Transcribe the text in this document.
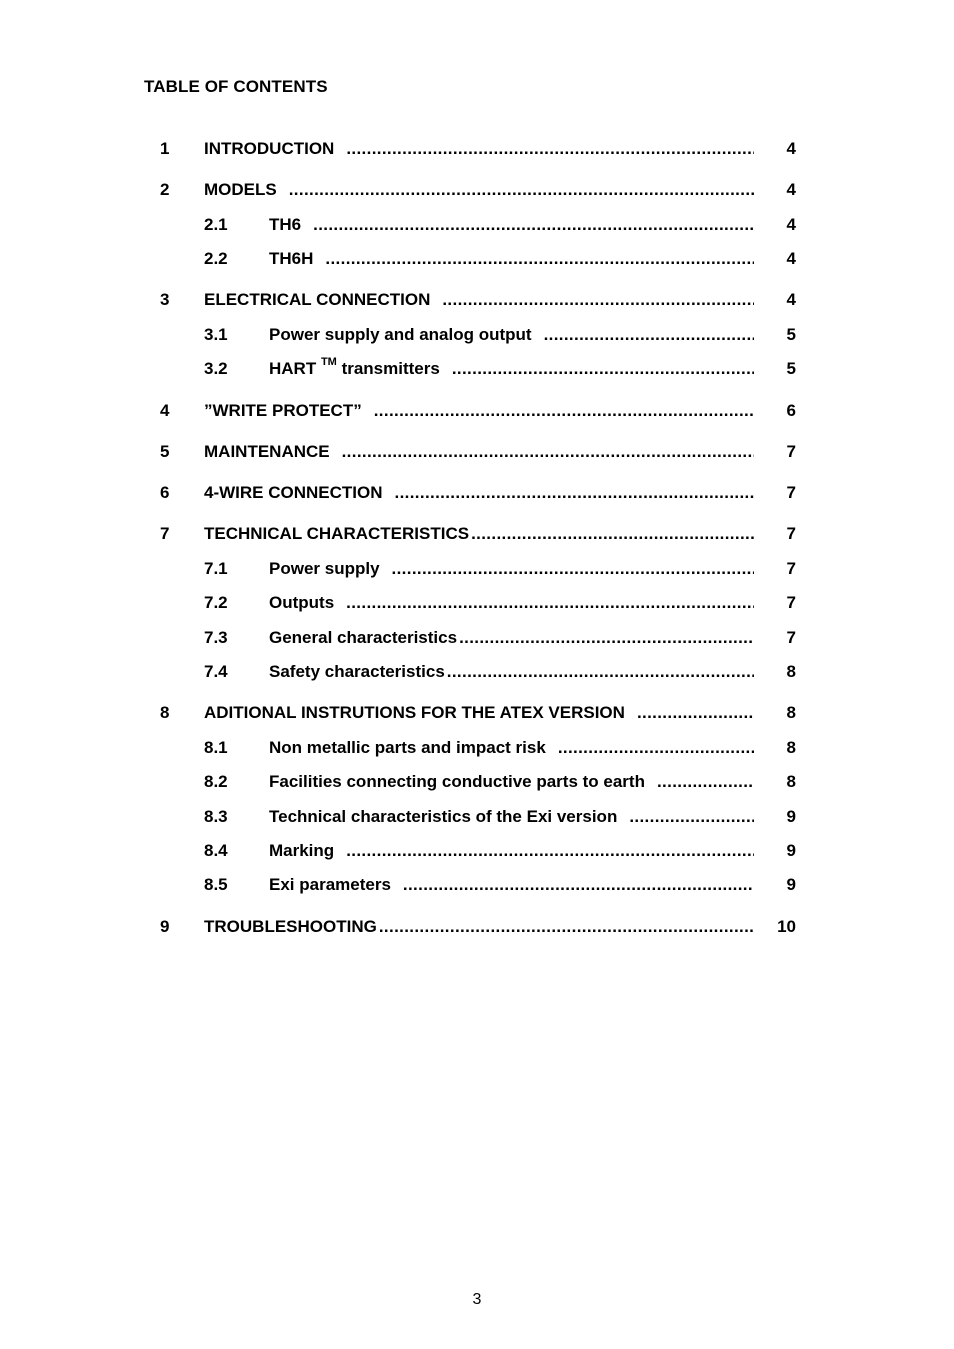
TABLE OF CONTENTS
1 INTRODUCTION .....	4
2 MODELS .....	4
2.1 TH6 .....	4
2.2 TH6H .....	4
3 ELECTRICAL CONNECTION .....	4
3.1 Power supply and analog output .....	5
3.2 HART ™ transmitters .....	5
4 ”WRITE PROTECT” .....	6
5 MAINTENANCE .....	7
6 4-WIRE CONNECTION .....	7
7 TECHNICAL CHARACTERISTICS .....	7
7.1 Power supply .....	7
7.2 Outputs .....	7
7.3 General characteristics .....	7
7.4 Safety characteristics .....	8
8 ADITIONAL INSTRUTIONS FOR THE ATEX VERSION .....	8
8.1 Non metallic parts and impact risk .....	8
8.2 Facilities connecting conductive parts to earth .....	8
8.3 Technical characteristics of the Exi version .....	9
8.4 Marking .....	9
8.5 Exi parameters .....	9
9 TROUBLESHOOTING .....	10
3
